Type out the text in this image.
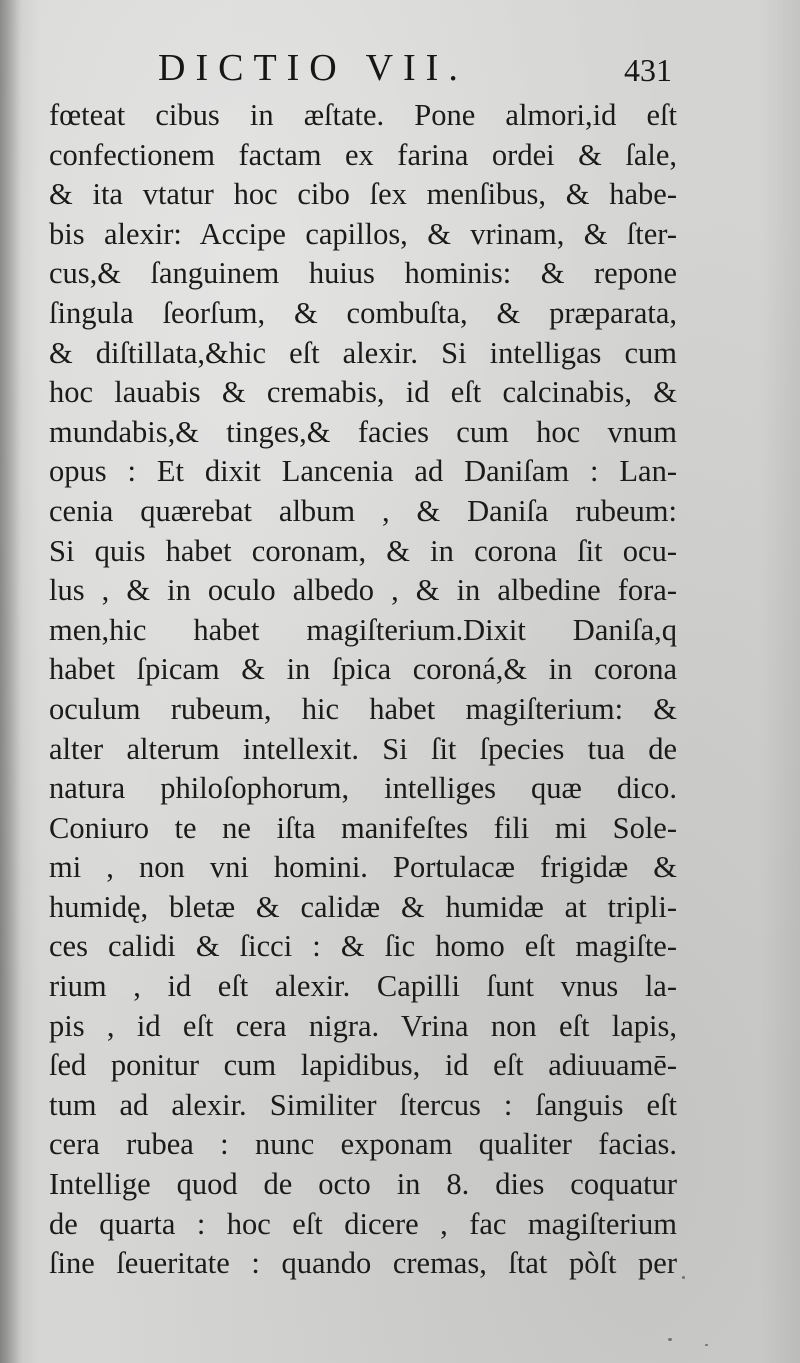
DICTIO VII.	431
fœteat cibus in æſtate. Pone almori,id eſt
confectionem factam ex farina ordei & ſale,
& ita vtatur hoc cibo ſex menſibus, & habe-
bis alexir: Accipe capillos, & vrinam, & ſter-
cus,& ſanguinem huius hominis: & repone
ſingula ſeorſum, & combuſta, & præparata,
& diſtillata,&hic eſt alexir. Si intelligas cum
hoc lauabis & cremabis, id eſt calcinabis, &
mundabis,& tinges,& facies cum hoc vnum
opus : Et dixit Lancenia ad Daniſam : Lan-
cenia quærebat album , & Daniſa rubeum:
Si quis habet coronam, & in corona ſit ocu-
lus , & in oculo albedo , & in albedine fora-
men,hic habet magiſterium.Dixit Daniſa,q
habet ſpicam & in ſpica coroná,& in corona
oculum rubeum, hic habet magiſterium: &
alter alterum intellexit. Si ſit ſpecies tua de
natura philoſophorum, intelliges quæ dico.
Coniuro te ne iſta manifeſtes fili mi Sole-
mi , non vni homini. Portulacæ frigidæ &
humidę, bletæ & calidæ & humidæ at tripli-
ces calidi & ſicci : & ſic homo eſt magiſte-
rium , id eſt alexir. Capilli ſunt vnus la-
pis , id eſt cera nigra. Vrina non eſt lapis,
ſed ponitur cum lapidibus, id eſt adiuuamē-
tum ad alexir. Similiter ſtercus : ſanguis eſt
cera rubea : nunc exponam qualiter facias.
Intellige quod de octo in 8. dies coquatur
de quarta : hoc eſt dicere , fac magiſterium
ſine ſeueritate : quando cremas, ſtat pòſt per
